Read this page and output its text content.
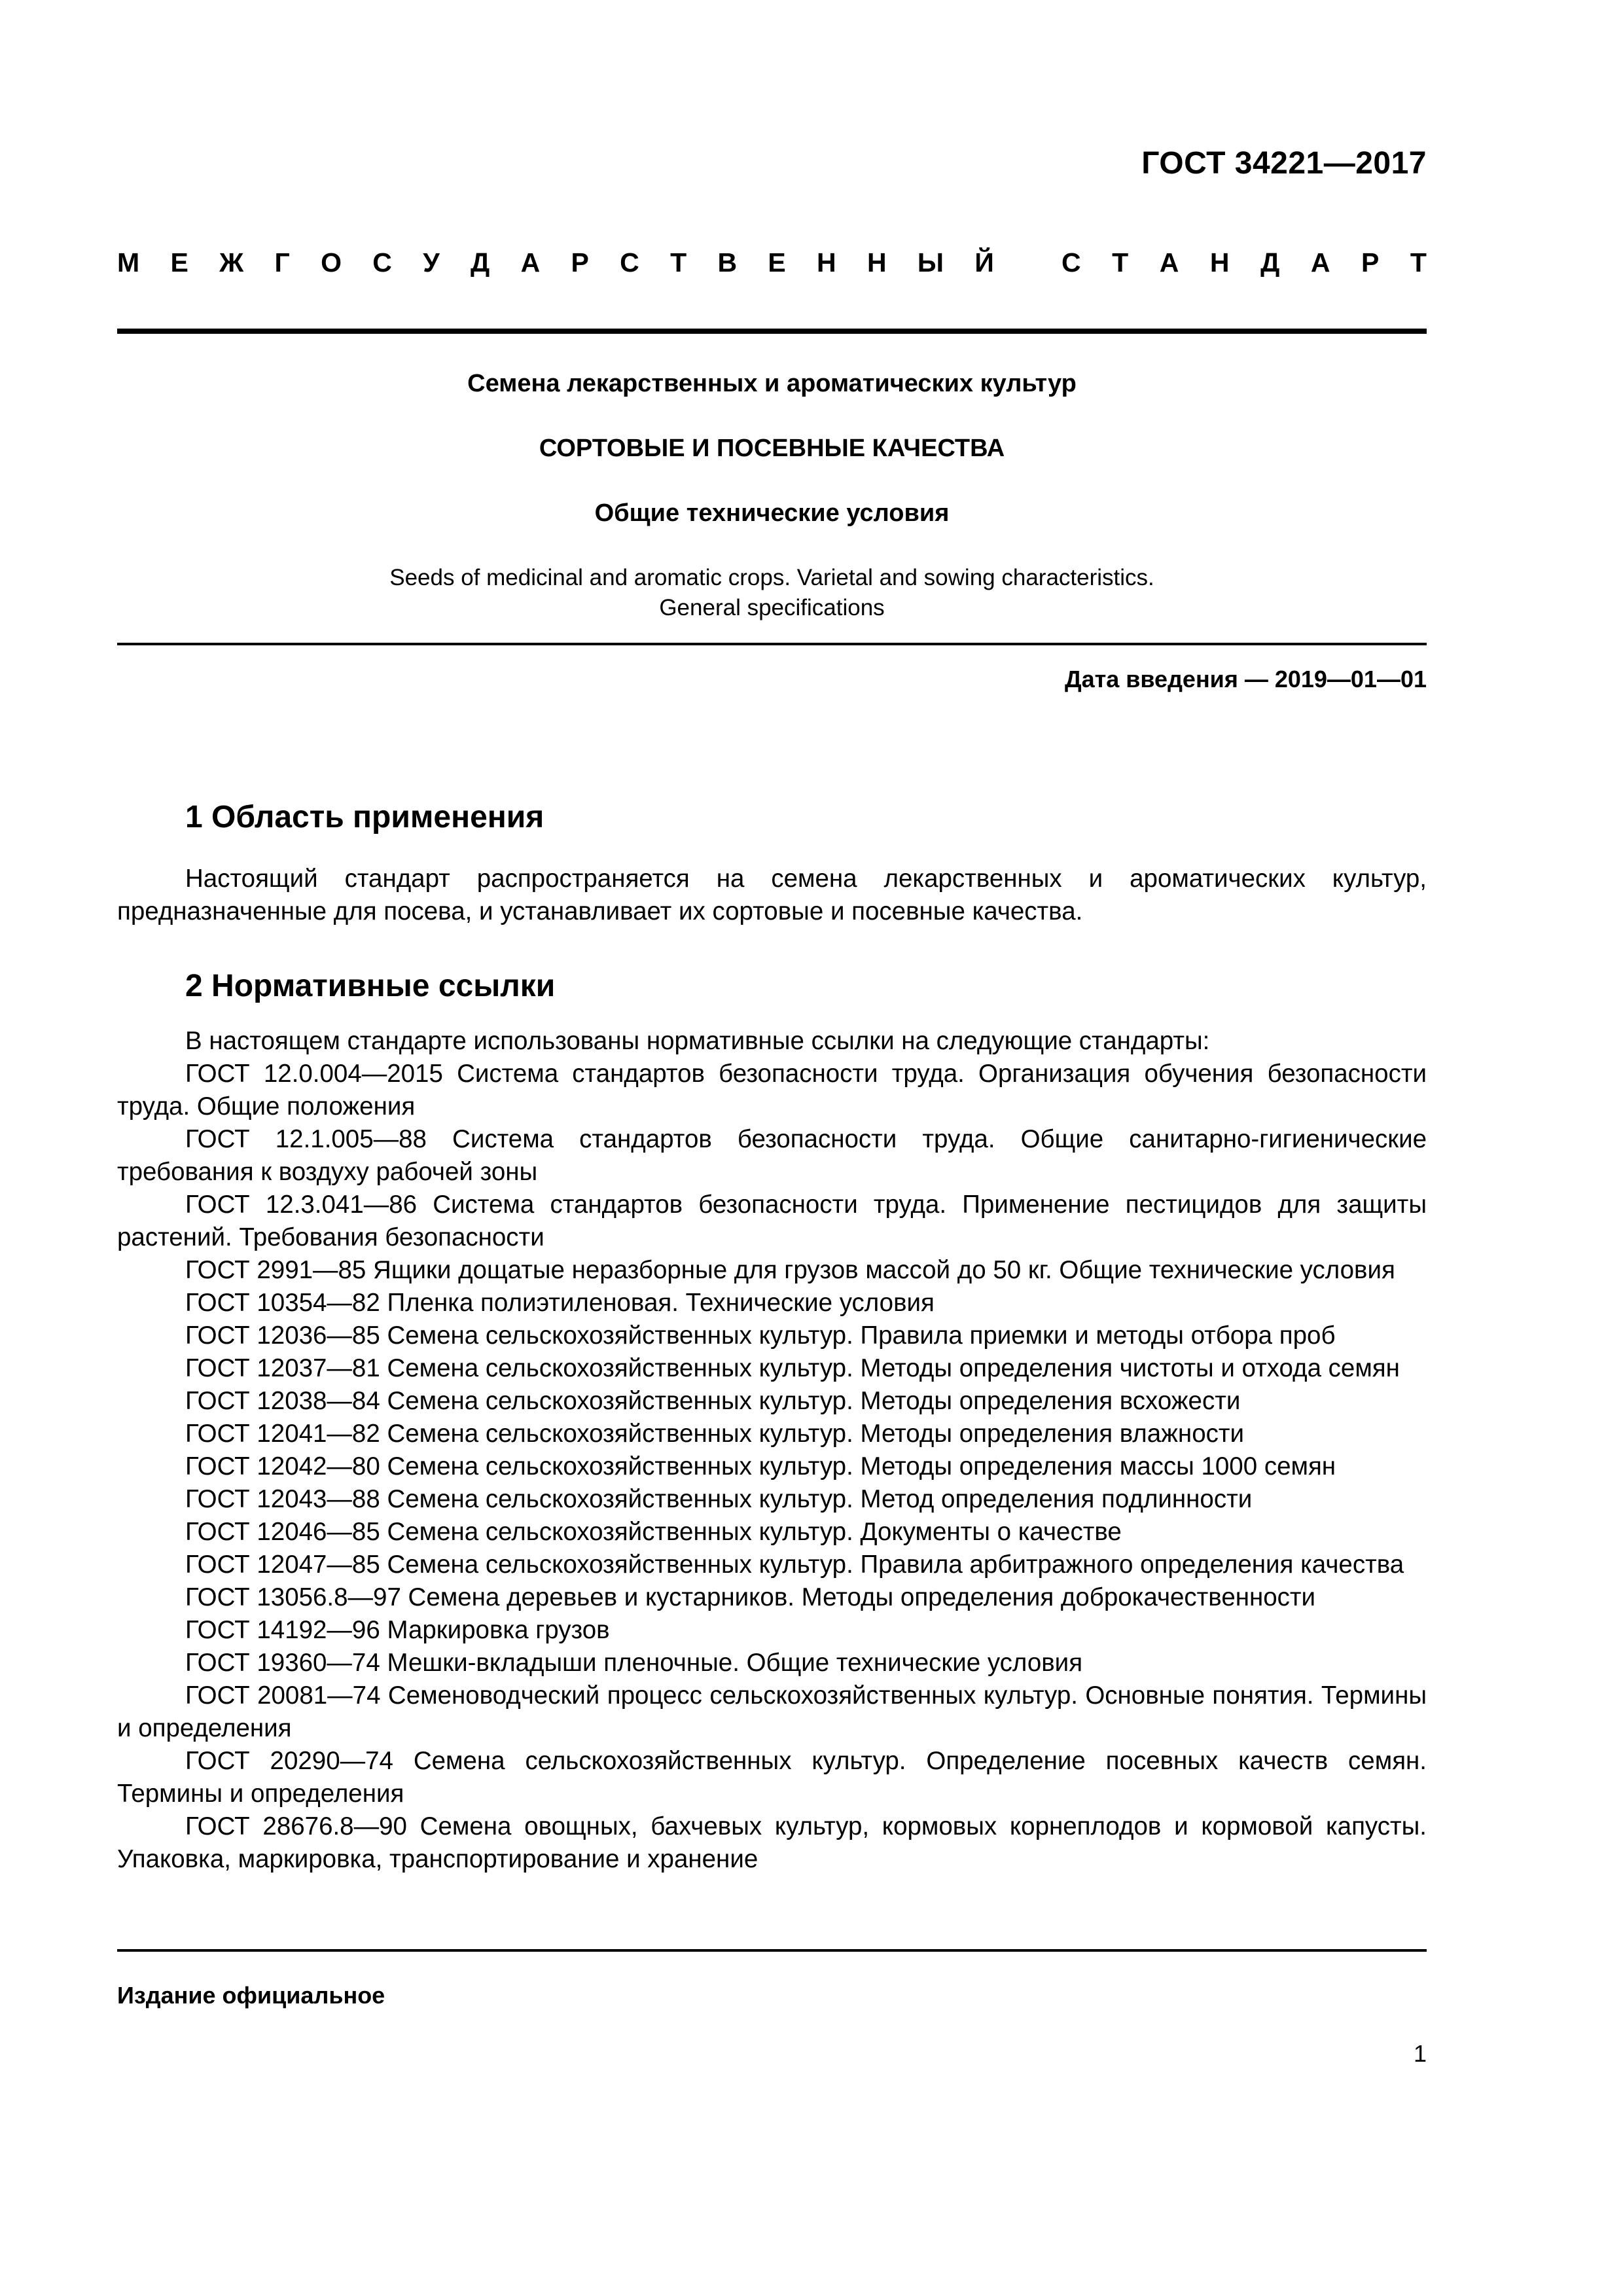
ГОСТ 34221—2017
М Е Ж Г О С У Д А Р С Т В Е Н Н Ы Й	С Т А Н Д А Р Т
Семена лекарственных и ароматических культур
СОРТОВЫЕ И ПОСЕВНЫЕ КАЧЕСТВА
Общие технические условия
Seeds of medicinal and aromatic crops. Varietal and sowing characteristics.
General specifications
Дата введения — 2019—01—01
1 Область применения

Настоящий стандарт распространяется на семена лекарственных и ароматических культур, предназначенные для посева, и устанавливает их сортовые и посевные качества.

2 Нормативные ссылки

В настоящем стандарте использованы нормативные ссылки на следующие стандарты:

ГОСТ 12.0.004—2015 Система стандартов безопасности труда. Организация обучения безопасности труда. Общие положения

ГОСТ 12.1.005—88 Система стандартов безопасности труда. Общие санитарно-гигиенические требования к воздуху рабочей зоны

ГОСТ 12.3.041—86 Система стандартов безопасности труда. Применение пестицидов для защиты растений. Требования безопасности

ГОСТ 2991—85 Ящики дощатые неразборные для грузов массой до 50 кг. Общие технические условия

ГОСТ 10354—82 Пленка полиэтиленовая. Технические условия

ГОСТ 12036—85 Семена сельскохозяйственных культур. Правила приемки и методы отбора проб

ГОСТ 12037—81 Семена сельскохозяйственных культур. Методы определения чистоты и отхода семян

ГОСТ 12038—84 Семена сельскохозяйственных культур. Методы определения всхожести

ГОСТ 12041—82 Семена сельскохозяйственных культур. Методы определения влажности

ГОСТ 12042—80 Семена сельскохозяйственных культур. Методы определения массы 1000 семян

ГОСТ 12043—88 Семена сельскохозяйственных культур. Метод определения подлинности

ГОСТ 12046—85 Семена сельскохозяйственных культур. Документы о качестве

ГОСТ 12047—85 Семена сельскохозяйственных культур. Правила арбитражного определения качества

ГОСТ 13056.8—97 Семена деревьев и кустарников. Методы определения доброкачественности

ГОСТ 14192—96 Маркировка грузов

ГОСТ 19360—74 Мешки-вкладыши пленочные. Общие технические условия

ГОСТ 20081—74 Семеноводческий процесс сельскохозяйственных культур. Основные понятия. Термины и определения

ГОСТ 20290—74 Семена сельскохозяйственных культур. Определение посевных качеств семян. Термины и определения

ГОСТ 28676.8—90 Семена овощных, бахчевых культур, кормовых корнеплодов и кормовой капусты. Упаковка, маркировка, транспортирование и хранение

Издание официальное
1
